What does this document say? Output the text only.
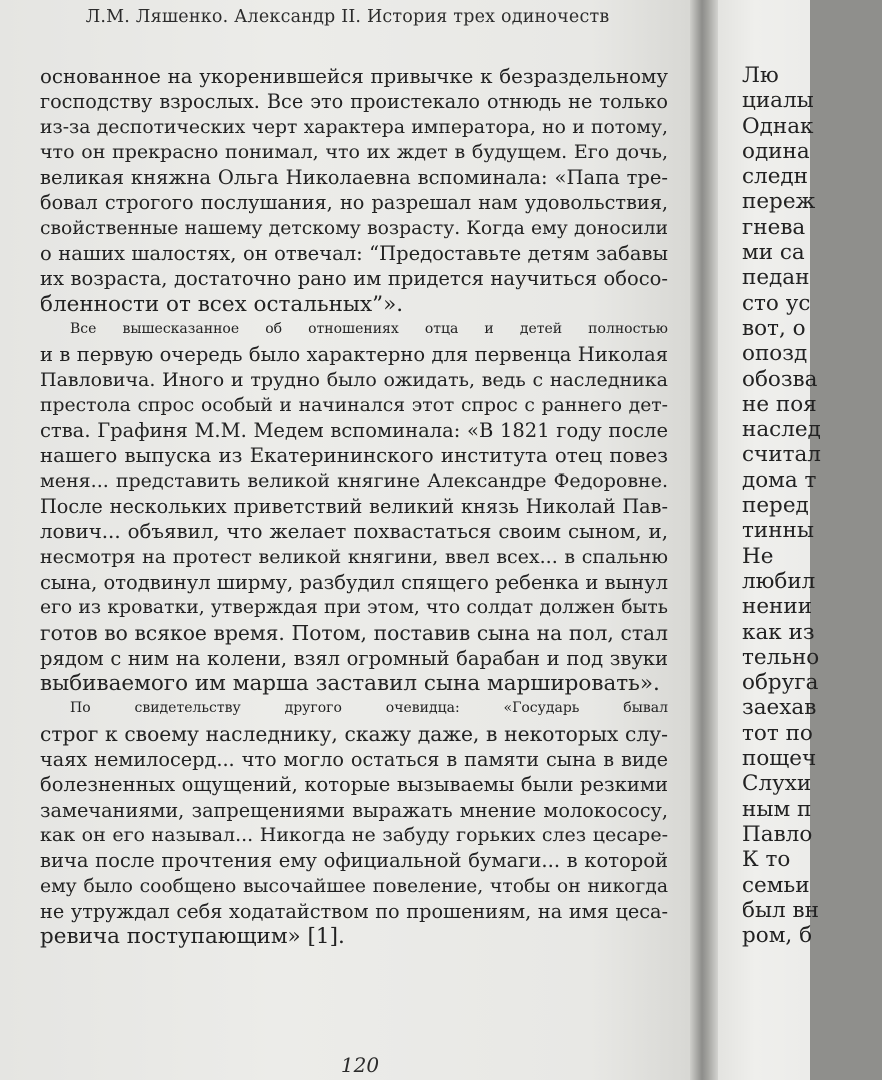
Л.М. Ляшенко. Александр II. История трех одиночеств
основанное на укоренившейся привычке к безраздельному
господству взрослых. Все это проистекало отнюдь не только
из-за деспотических черт характера императора, но и потому,
что он прекрасно понимал, что их ждет в будущем. Его дочь,
великая княжна Ольга Николаевна вспоминала: «Папа тре-
бовал строгого послушания, но разрешал нам удовольствия,
свойственные нашему детскому возрасту. Когда ему доносили
о наших шалостях, он отвечал: “Предоставьте детям забавы
их возраста, достаточно рано им придется научиться обосо-
бленности от всех остальных”».
Все вышесказанное об отношениях отца и детей полностью
и в первую очередь было характерно для первенца Николая
Павловича. Иного и трудно было ожидать, ведь с наследника
престола спрос особый и начинался этот спрос с раннего дет-
ства. Графиня М.М. Медем вспоминала: «В 1821 году после
нашего выпуска из Екатерининского института отец повез
меня... представить великой княгине Александре Федоровне.
После нескольких приветствий великий князь Николай Пав-
лович... объявил, что желает похвастаться своим сыном, и,
несмотря на протест великой княгини, ввел всех... в спальню
сына, отодвинул ширму, разбудил спящего ребенка и вынул
его из кроватки, утверждая при этом, что солдат должен быть
готов во всякое время. Потом, поставив сына на пол, стал
рядом с ним на колени, взял огромный барабан и под звуки
выбиваемого им марша заставил сына маршировать».
По свидетельству другого очевидца: «Государь бывал
строг к своему наследнику, скажу даже, в некоторых слу-
чаях немилосерд... что могло остаться в памяти сына в виде
болезненных ощущений, которые вызываемы были резкими
замечаниями, запрещениями выражать мнение молокососу,
как он его называл... Никогда не забуду горьких слез цесаре-
вича после прочтения ему официальной бумаги... в которой
ему было сообщено высочайшее повеление, чтобы он никогда
не утруждал себя ходатайством по прошениям, на имя цеса-
ревича поступающим» [1].
120
Лю
циалы
Однак
одина
следн
переж
гнева
ми са
педан
сто ус
вот, о
опозд
обозва
не поя
наслед
считал
дома т
перед
тинны
Не
любил
нении
как из
тельно
обруга
заехав
тот по
пощеч
Слухи
ным п
Павло
К то
семьи
был вн
ром, б
